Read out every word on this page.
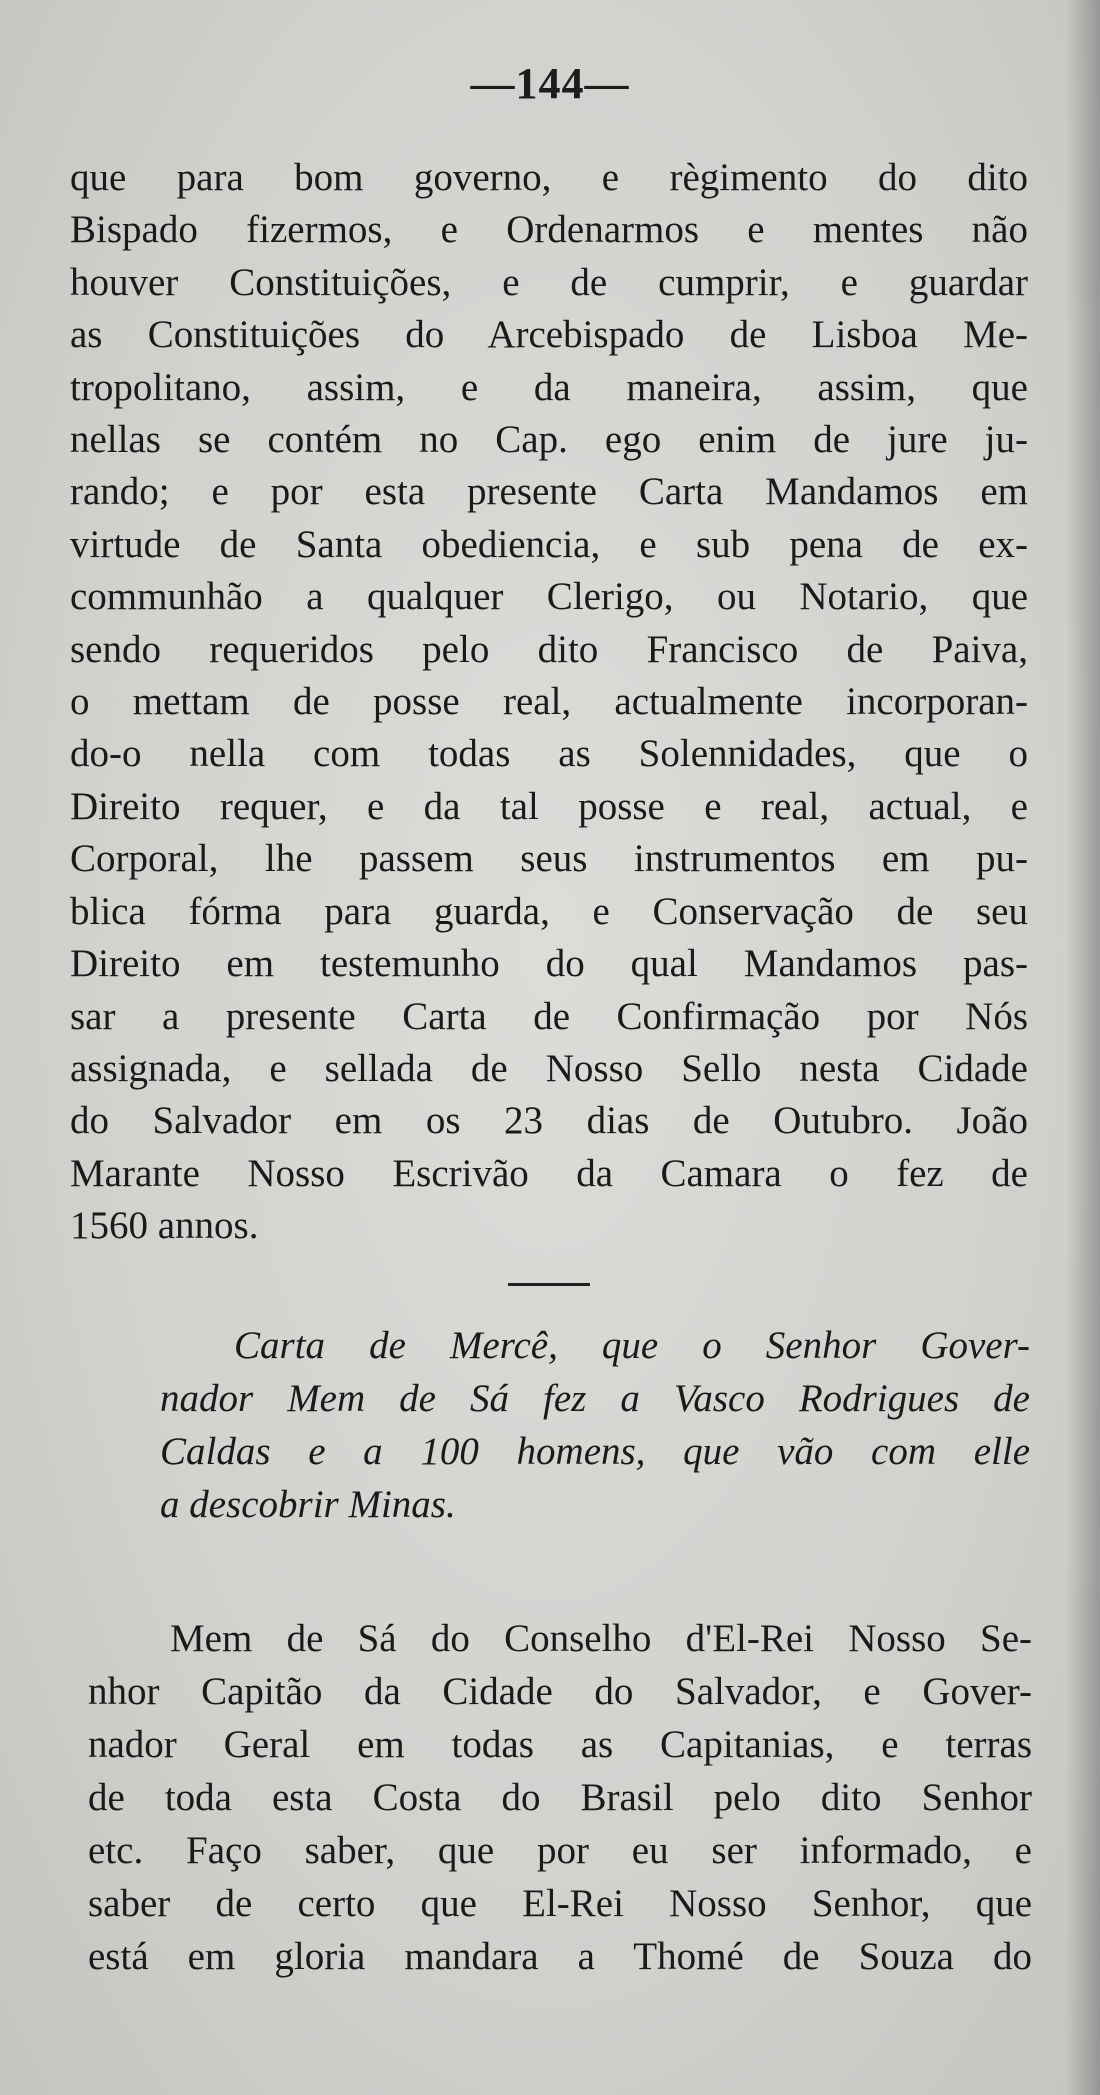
—144—
que para bom governo, e règimento do dito
Bispado fizermos, e Ordenarmos e mentes não
houver Constituições, e de cumprir, e guardar
as Constituições do Arcebispado de Lisboa Me-
tropolitano, assim, e da maneira, assim, que
nellas se contém no Cap. ego enim de jure ju-
rando; e por esta presente Carta Mandamos em
virtude de Santa obediencia, e sub pena de ex-
communhão a qualquer Clerigo, ou Notario, que
sendo requeridos pelo dito Francisco de Paiva,
o mettam de posse real, actualmente incorporan-
do-o nella com todas as Solennidades, que o
Direito requer, e da tal posse e real, actual, e
Corporal, lhe passem seus instrumentos em pu-
blica fórma para guarda, e Conservação de seu
Direito em testemunho do qual Mandamos pas-
sar a presente Carta de Confirmação por Nós
assignada, e sellada de Nosso Sello nesta Cidade
do Salvador em os 23 dias de Outubro. João
Marante Nosso Escrivão da Camara o fez de
1560 annos.
Carta de Mercê, que o Senhor Gover-
nador Mem de Sá fez a Vasco Rodrigues de
Caldas e a 100 homens, que vão com elle
a descobrir Minas.
Mem de Sá do Conselho d'El-Rei Nosso Se-
nhor Capitão da Cidade do Salvador, e Gover-
nador Geral em todas as Capitanias, e terras
de toda esta Costa do Brasil pelo dito Senhor
etc. Faço saber, que por eu ser informado, e
saber de certo que El-Rei Nosso Senhor, que
está em gloria mandara a Thomé de Souza do
